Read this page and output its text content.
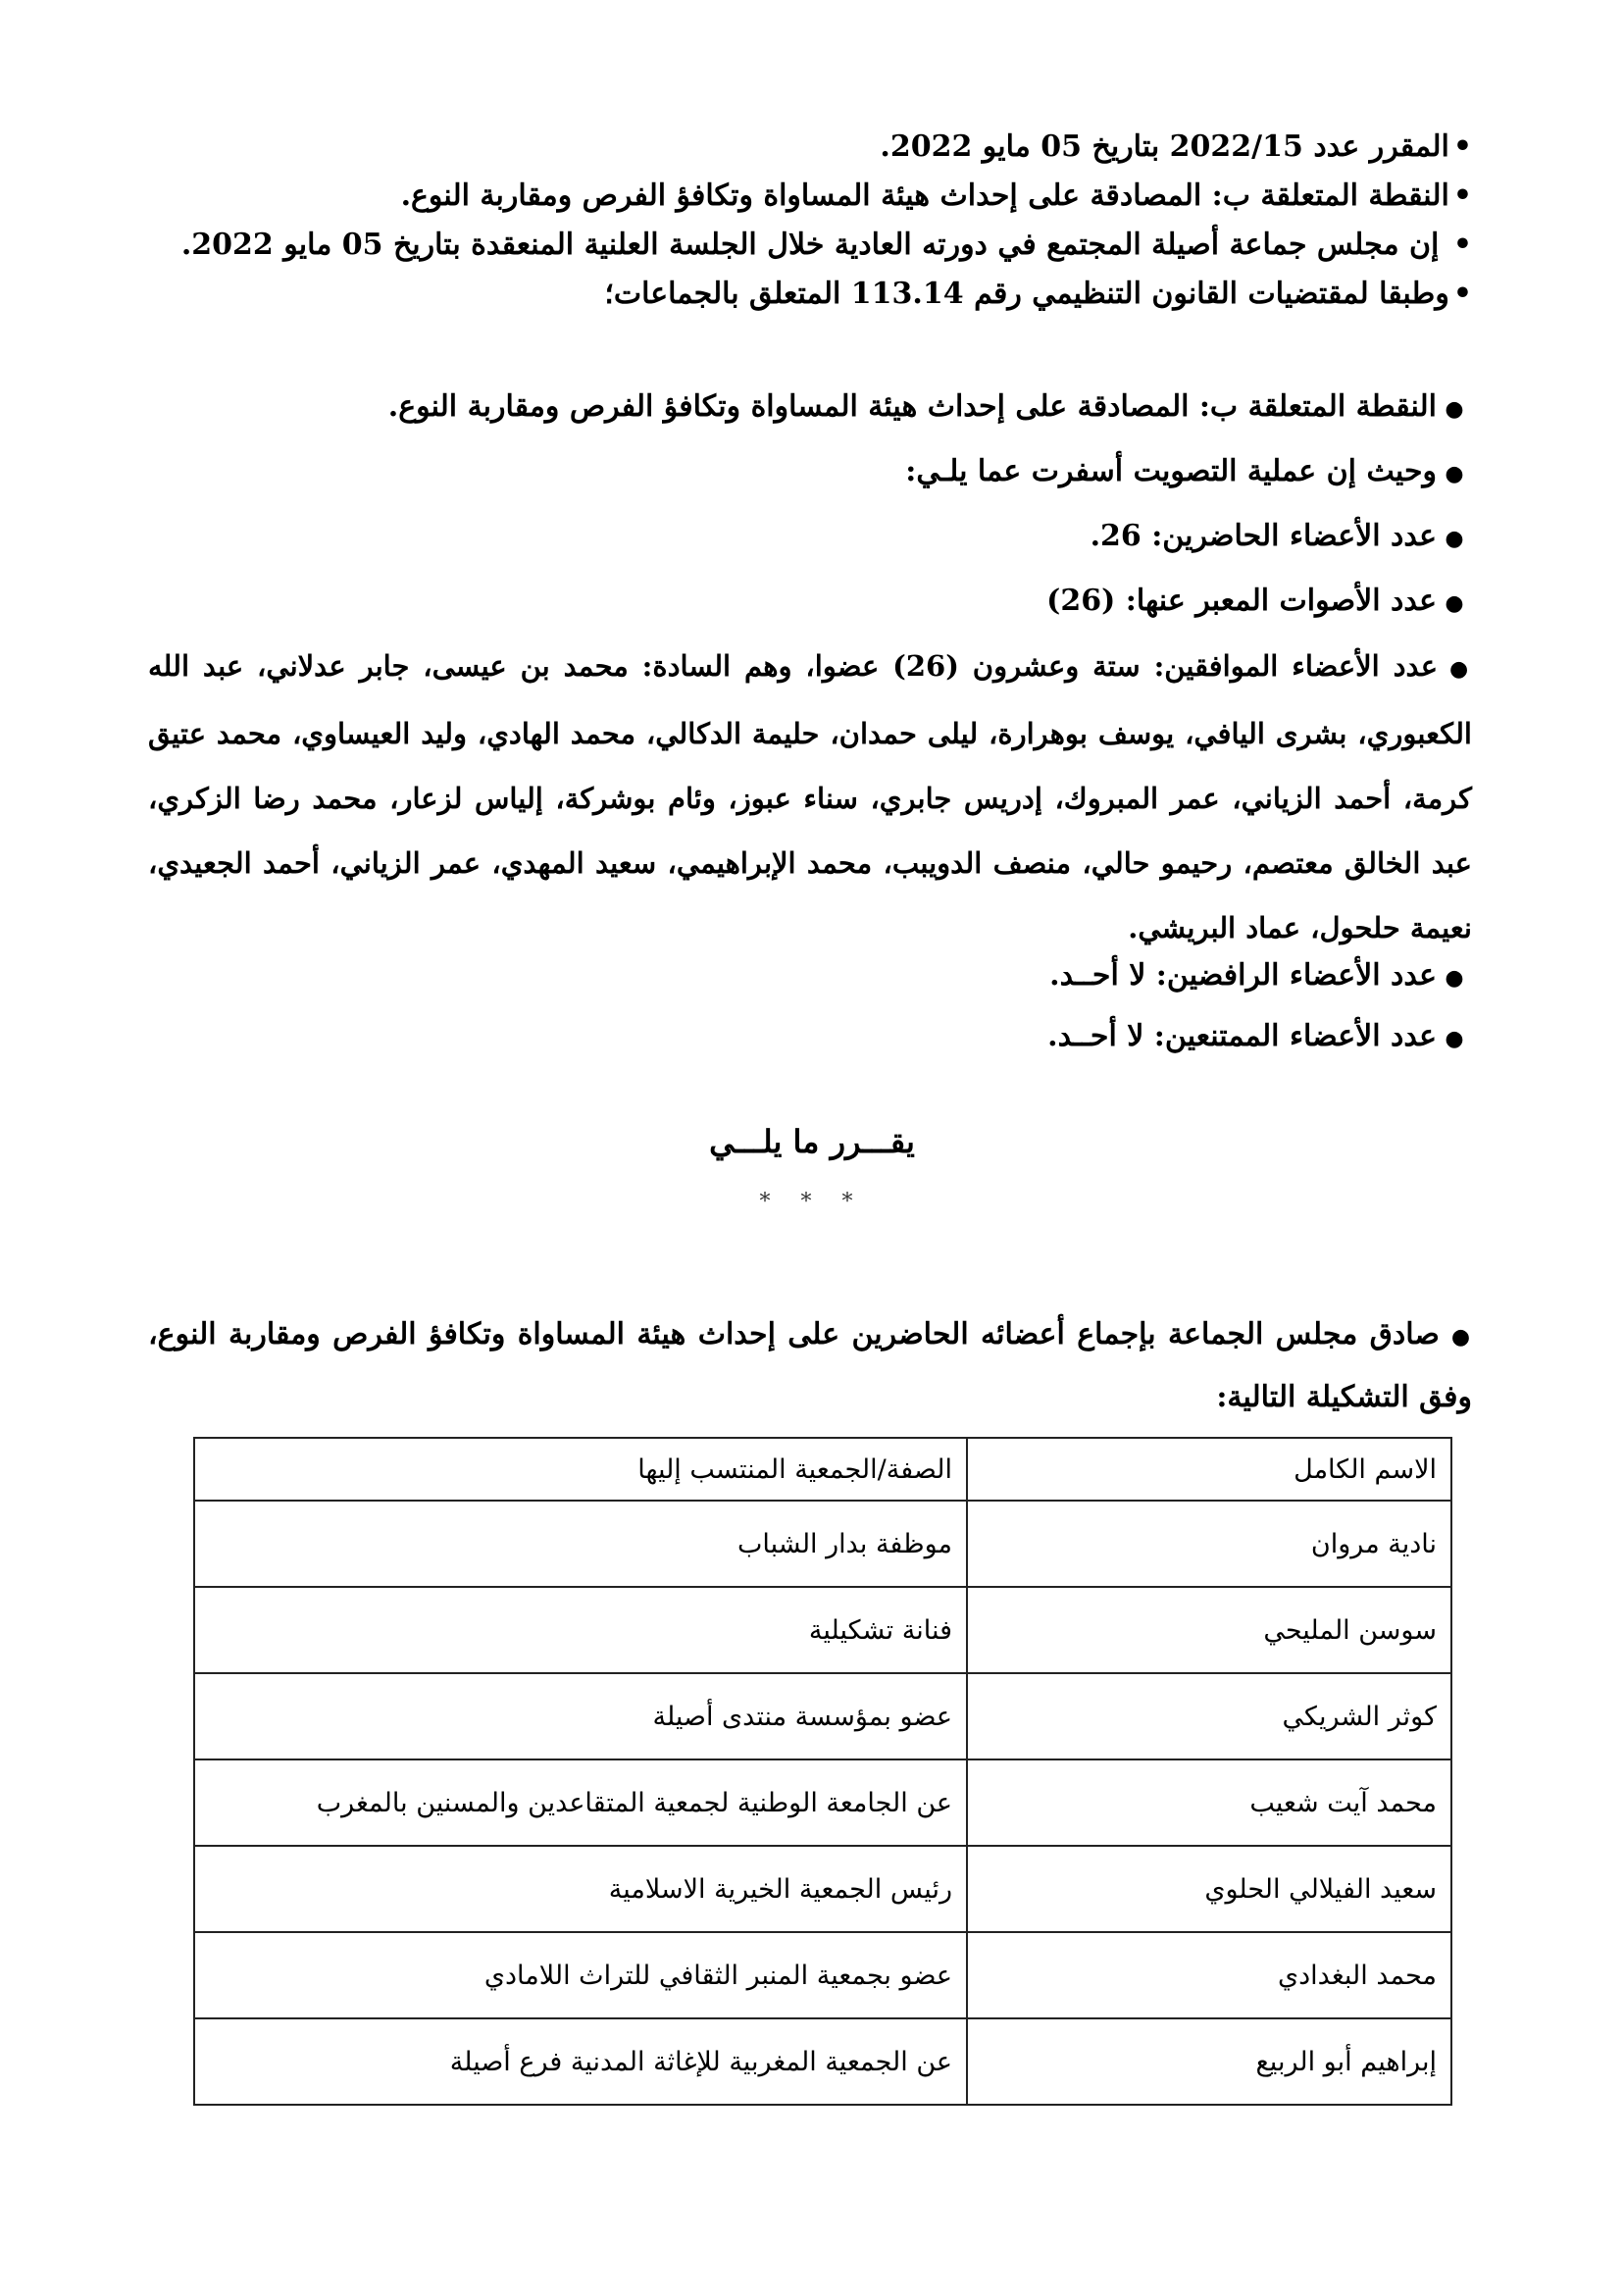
•المقرر عدد 2022/15 بتاريخ 05 مايو 2022.
•النقطة المتعلقة ب: المصادقة على إحداث هيئة المساواة وتكافؤ الفرص ومقاربة النوع.
• إن مجلس جماعة أصيلة المجتمع في دورته العادية خلال الجلسة العلنية المنعقدة بتاريخ 05 مايو 2022.
•وطبقا لمقتضيات القانون التنظيمي رقم 113.14 المتعلق بالجماعات؛
●النقطة المتعلقة ب: المصادقة على إحداث هيئة المساواة وتكافؤ الفرص ومقاربة النوع.
●وحيث إن عملية التصويت أسفرت عما يلـي:
●عدد الأعضاء الحاضرين: 26.
●عدد الأصوات المعبر عنها: (26)
●عدد الأعضاء الموافقين: ستة وعشرون (26) عضوا، وهم السادة: محمد بن عيسى، جابر عدلاني، عبد الله الكعبوري، بشرى اليافي، يوسف بوهرارة، ليلى حمدان، حليمة الدكالي، محمد الهادي، وليد العيساوي، محمد عتيق كرمة، أحمد الزياني، عمر المبروك، إدريس جابري، سناء عبوز، وئام بوشركة، إلياس لزعار، محمد رضا الزكري، عبد الخالق معتصم، رحيمو حالي، منصف الدويبب، محمد الإبراهيمي، سعيد المهدي، عمر الزياني، أحمد الجعيدي، نعيمة حلحول، عماد البريشي.
●عدد الأعضاء الرافضين: لا أحــد.
●عدد الأعضاء الممتنعين: لا أحــد.
يقـــرر ما يلـــي
* * *
●صادق مجلس الجماعة بإجماع أعضائه الحاضرين على إحداث هيئة المساواة وتكافؤ الفرص ومقاربة النوع، وفق التشكيلة التالية:
الاسم الكامل	الصفة/الجمعية المنتسب إليها
نادية مروان	موظفة بدار الشباب
سوسن المليحي	فنانة تشكيلية
كوثر الشريكي	عضو بمؤسسة منتدى أصيلة
محمد آيت شعيب	عن الجامعة الوطنية لجمعية المتقاعدين والمسنين بالمغرب
سعيد الفيلالي الحلوي	رئيس الجمعية الخيرية الاسلامية
محمد البغدادي	عضو بجمعية المنبر الثقافي للتراث اللامادي
إبراهيم أبو الربيع	عن الجمعية المغربية للإغاثة المدنية فرع أصيلة
